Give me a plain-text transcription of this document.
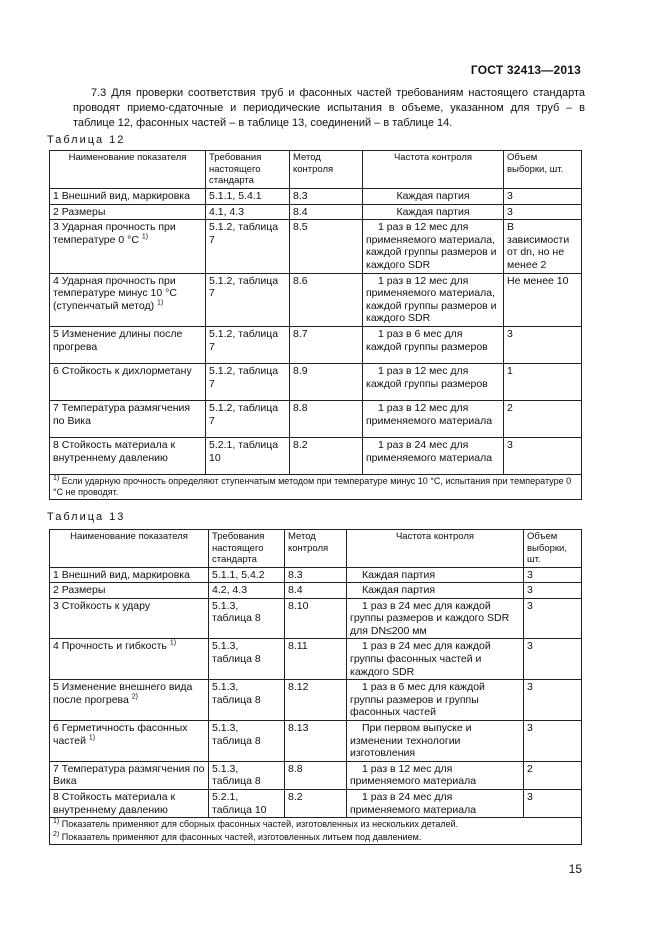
ГОСТ 32413—2013

7.3 Для проверки соответствия труб и фасонных частей требованиям настоящего стандарта проводят приемо-сдаточные и периодические испытания в объеме, указанном для труб – в таблице 12, фасонных частей – в таблице 13, соединений – в таблице 14.

Таблица 12
Наименование показателя	Требования настоящего стандарта	Метод контроля	Частота контроля	Объем выборки, шт.
1 Внешний вид, маркировка	5.1.1, 5.4.1	8.3	Каждая партия	3
2 Размеры	4.1, 4.3	8.4	Каждая партия	3
3 Ударная прочность при температуре 0 °С $^{1)}$	5.1.2, таблица 7	8.5	1 раз в 12 мес для применяемого материала, каждой группы размеров и каждого SDR	В зависимости от dn, но не менее 2
4 Ударная прочность при температуре минус 10 °С (ступенчатый метод) $^{1)}$	5.1.2, таблица 7	8.6	1 раз в 12 мес для применяемого материала, каждой группы размеров и каждого SDR	Не менее 10
5 Изменение длины после прогрева	5.1.2, таблица 7	8.7	1 раз в 6 мес для каждой группы размеров	3
6 Стойкость к дихлорметану	5.1.2, таблица 7	8.9	1 раз в 12 мес для каждой группы размеров	1
7 Температура размягчения по Вика	5.1.2, таблица 7	8.8	1 раз в 12 мес для применяемого материала	2
8 Стойкость материала к внутреннему давлению	5.2.1, таблица 10	8.2	1 раз в 24 мес для применяемого материала	3
$^{1)}$ Если ударную прочность определяют ступенчатым методом при температуре минус 10 °С, испытания при температуре 0 °С не проводят.				
Таблица 13
Наименование показателя	Требования настоящего стандарта	Метод контроля	Частота контроля	Объем выборки, шт.
1 Внешний вид, маркировка	5.1.1, 5.4.2	8.3	Каждая партия	3
2 Размеры	4.2, 4.3	8.4	Каждая партия	3
3 Стойкость к удару	5.1.3, таблица 8	8.10	1 раз в 24 мес для каждой группы размеров и каждого SDR для DN≤200 мм	3
4 Прочность и гибкость $^{1)}$	5.1.3, таблица 8	8.11	1 раз в 24 мес для каждой группы фасонных частей и каждого SDR	3
5 Изменение внешнего вида после прогрева $^{2)}$	5.1.3, таблица 8	8.12	1 раз в 6 мес для каждой группы размеров и группы фасонных частей	3
6 Герметичность фасонных частей $^{1)}$	5.1.3, таблица 8	8.13	При первом выпуске и изменении технологии изготовления	3
7 Температура размягчения по Вика	5.1.3, таблица 8	8.8	1 раз в 12 мес для применяемого материала	2
8 Стойкость материала к внутреннему давлению	5.2.1, таблица 10	8.2	1 раз в 24 мес для применяемого материала	3
$^{1)}$ Показатель применяют для сборных фасонных частей, изготовленных из нескольких деталей.				
$^{2)}$ Показатель применяют для фасонных частей, изготовленных литьем под давлением.				
15
